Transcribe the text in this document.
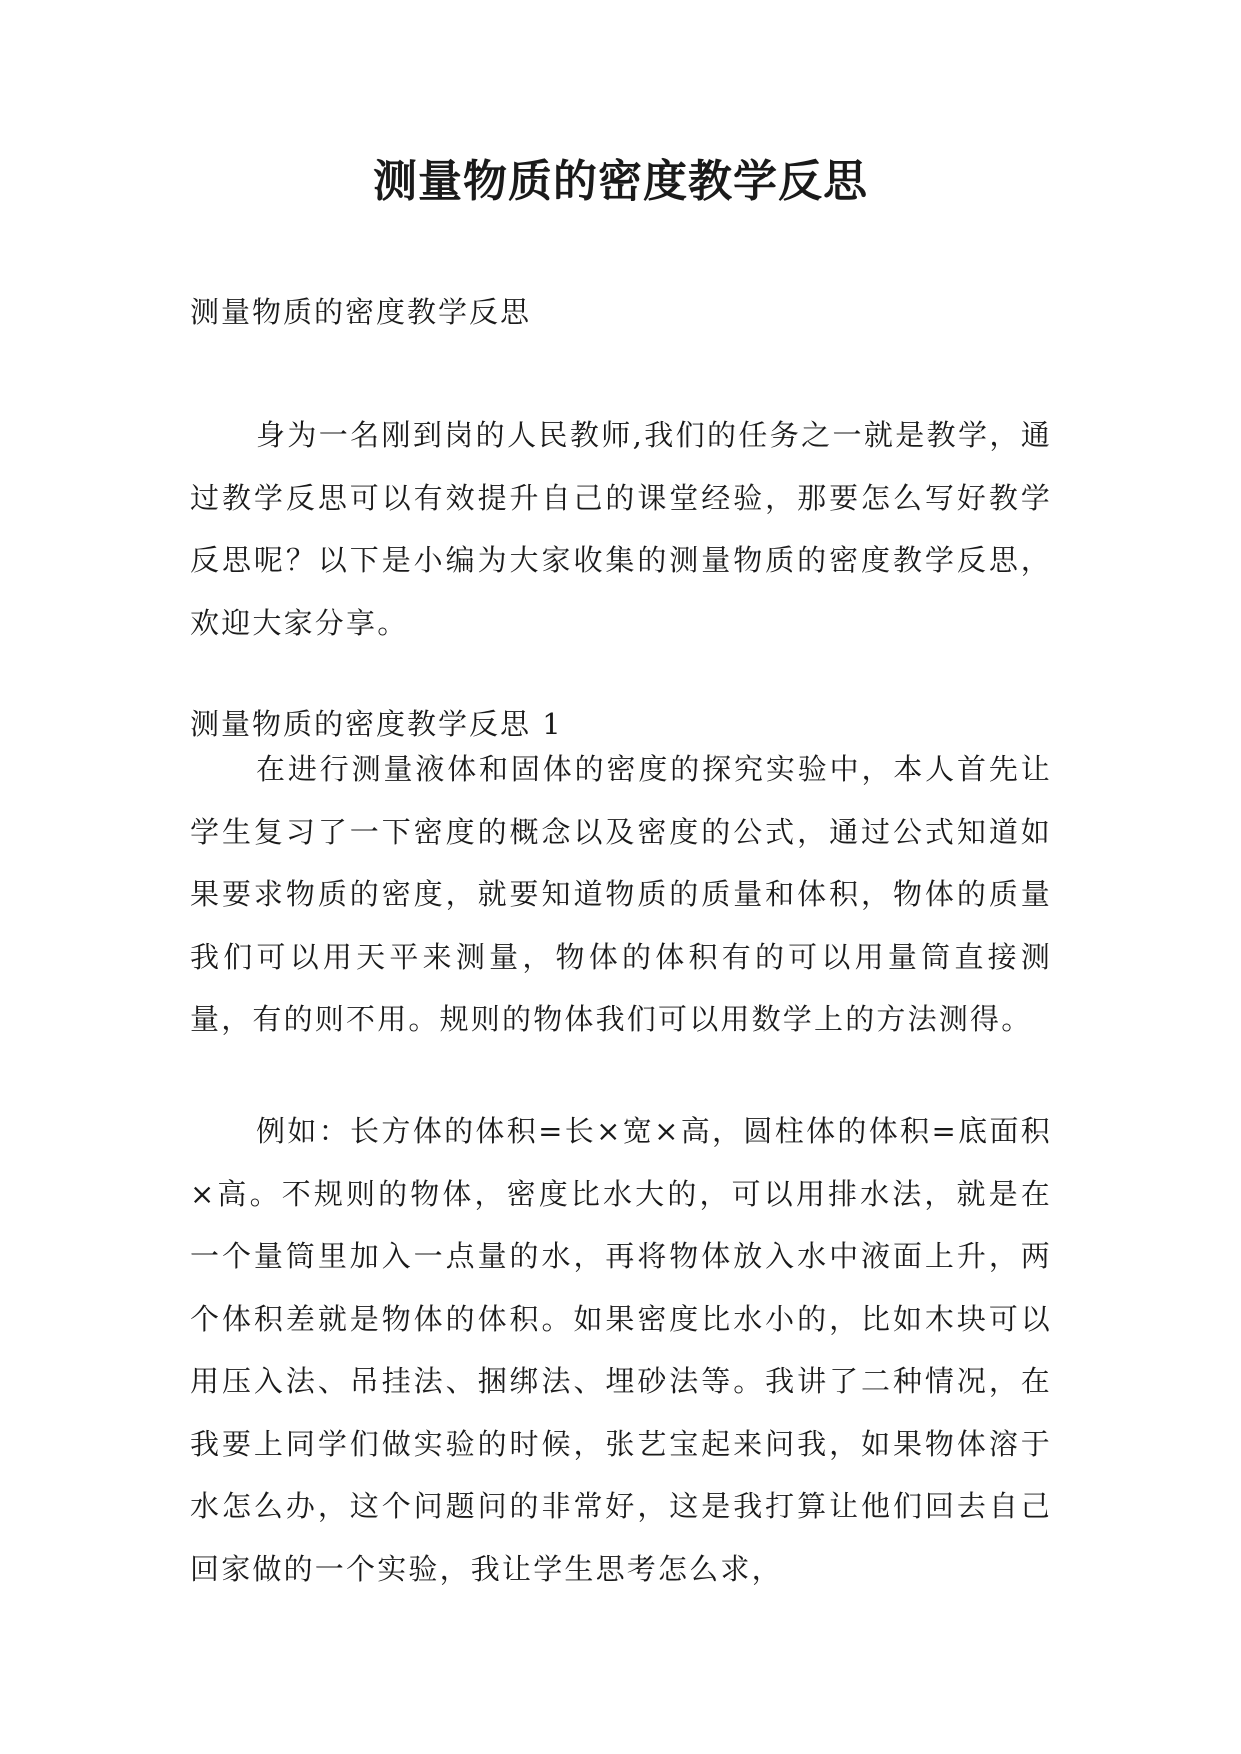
测量物质的密度教学反思

测量物质的密度教学反思

身为一名刚到岗的人民教师,我们的任务之一就是教学，通过教学反思可以有效提升自己的课堂经验，那要怎么写好教学反思呢？以下是小编为大家收集的测量物质的密度教学反思，欢迎大家分享。

测量物质的密度教学反思 1

在进行测量液体和固体的密度的探究实验中，本人首先让学生复习了一下密度的概念以及密度的公式，通过公式知道如果要求物质的密度，就要知道物质的质量和体积，物体的质量我们可以用天平来测量，物体的体积有的可以用量筒直接测量，有的则不用。规则的物体我们可以用数学上的方法测得。

例如：长方体的体积=长×宽×高，圆柱体的体积=底面积×高。不规则的物体，密度比水大的，可以用排水法，就是在一个量筒里加入一点量的水，再将物体放入水中液面上升，两个体积差就是物体的体积。如果密度比水小的，比如木块可以用压入法、吊挂法、捆绑法、埋砂法等。我讲了二种情况，在我要上同学们做实验的时候，张艺宝起来问我，如果物体溶于水怎么办，这个问题问的非常好，这是我打算让他们回去自己回家做的一个实验，我让学生思考怎么求，
